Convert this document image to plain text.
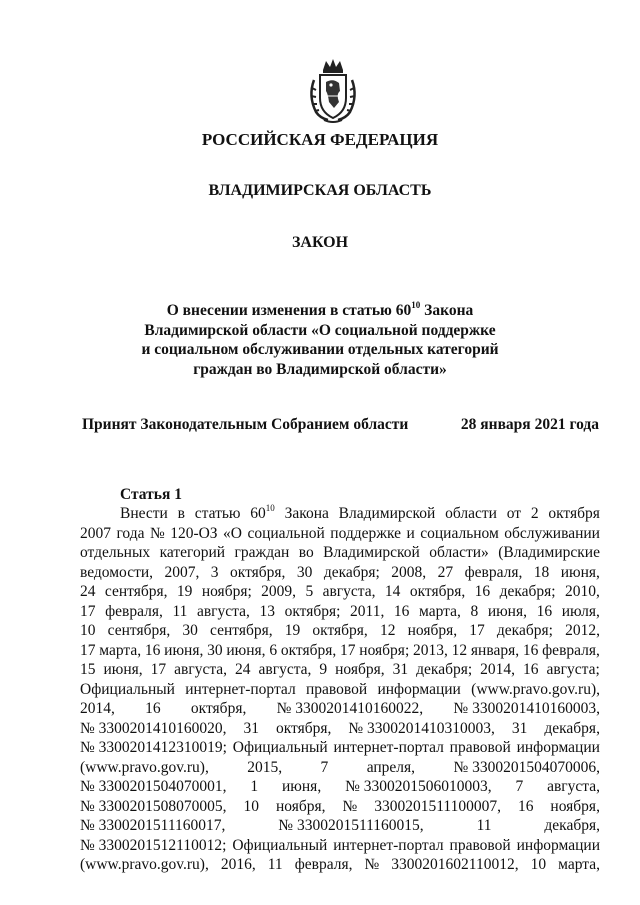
РОССИЙСКАЯ ФЕДЕРАЦИЯ
ВЛАДИМИРСКАЯ ОБЛАСТЬ
ЗАКОН
О внесении изменения в статью $60^{10}$ Закона
Владимирской области «О социальной поддержке
и социальном обслуживании отдельных категорий
граждан во Владимирской области»
Принят Законодательным Собранием области	28 января 2021 года
Статья 1
Внести в статью $60^{10}$ Закона Владимирской области от 2 октября
2007 года № 120-ОЗ «О социальной поддержке и социальном обслуживании
отдельных категорий граждан во Владимирской области» (Владимирские
ведомости, 2007, 3 октября, 30 декабря; 2008, 27 февраля, 18 июня,
24 сентября, 19 ноября; 2009, 5 августа, 14 октября, 16 декабря; 2010,
17 февраля, 11 августа, 13 октября; 2011, 16 марта, 8 июня, 16 июля,
10 сентября, 30 сентября, 19 октября, 12 ноября, 17 декабря; 2012,
17 марта, 16 июня, 30 июня, 6 октября, 17 ноября; 2013, 12 января, 16 февраля,
15 июня, 17 августа, 24 августа, 9 ноября, 31 декабря; 2014, 16 августа;
Официальный интернет-портал правовой информации (www.pravo.gov.ru),
2014, 16 октября, № 3300201410160022, № 3300201410160003,
№ 3300201410160020, 31 октября, № 3300201410310003, 31 декабря,
№ 3300201412310019; Официальный интернет-портал правовой информации
(www.pravo.gov.ru), 2015, 7 апреля, № 3300201504070006,
№ 3300201504070001, 1 июня, № 3300201506010003, 7 августа,
№ 3300201508070005, 10 ноября, № 3300201511100007, 16 ноября,
№ 3300201511160017,	№ 3300201511160015,	11	декабря,
№ 3300201512110012; Официальный интернет-портал правовой информации
(www.pravo.gov.ru), 2016, 11 февраля, № 3300201602110012, 10 марта,
